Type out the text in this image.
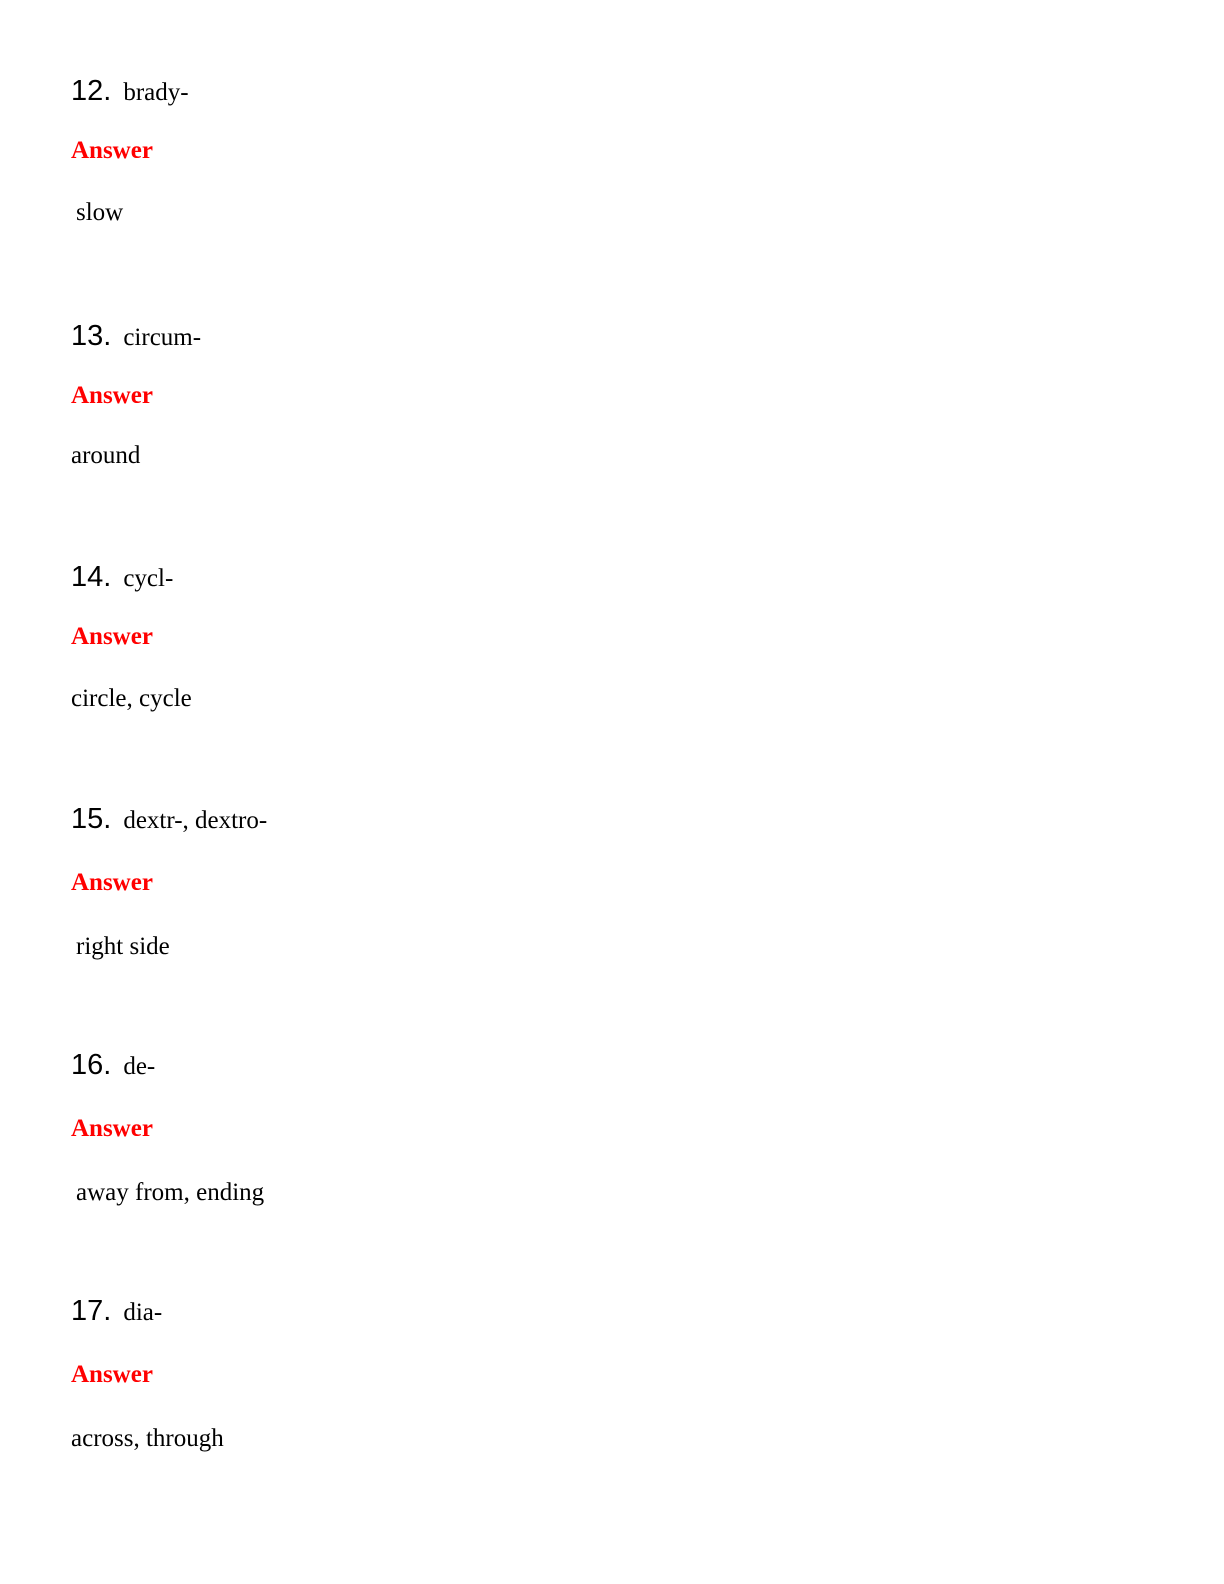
12. brady-
Answer
slow
13. circum-
Answer
around
14. cycl-
Answer
circle, cycle
15. dextr-, dextro-
Answer
right side
16. de-
Answer
away from, ending
17. dia-
Answer
across, through
